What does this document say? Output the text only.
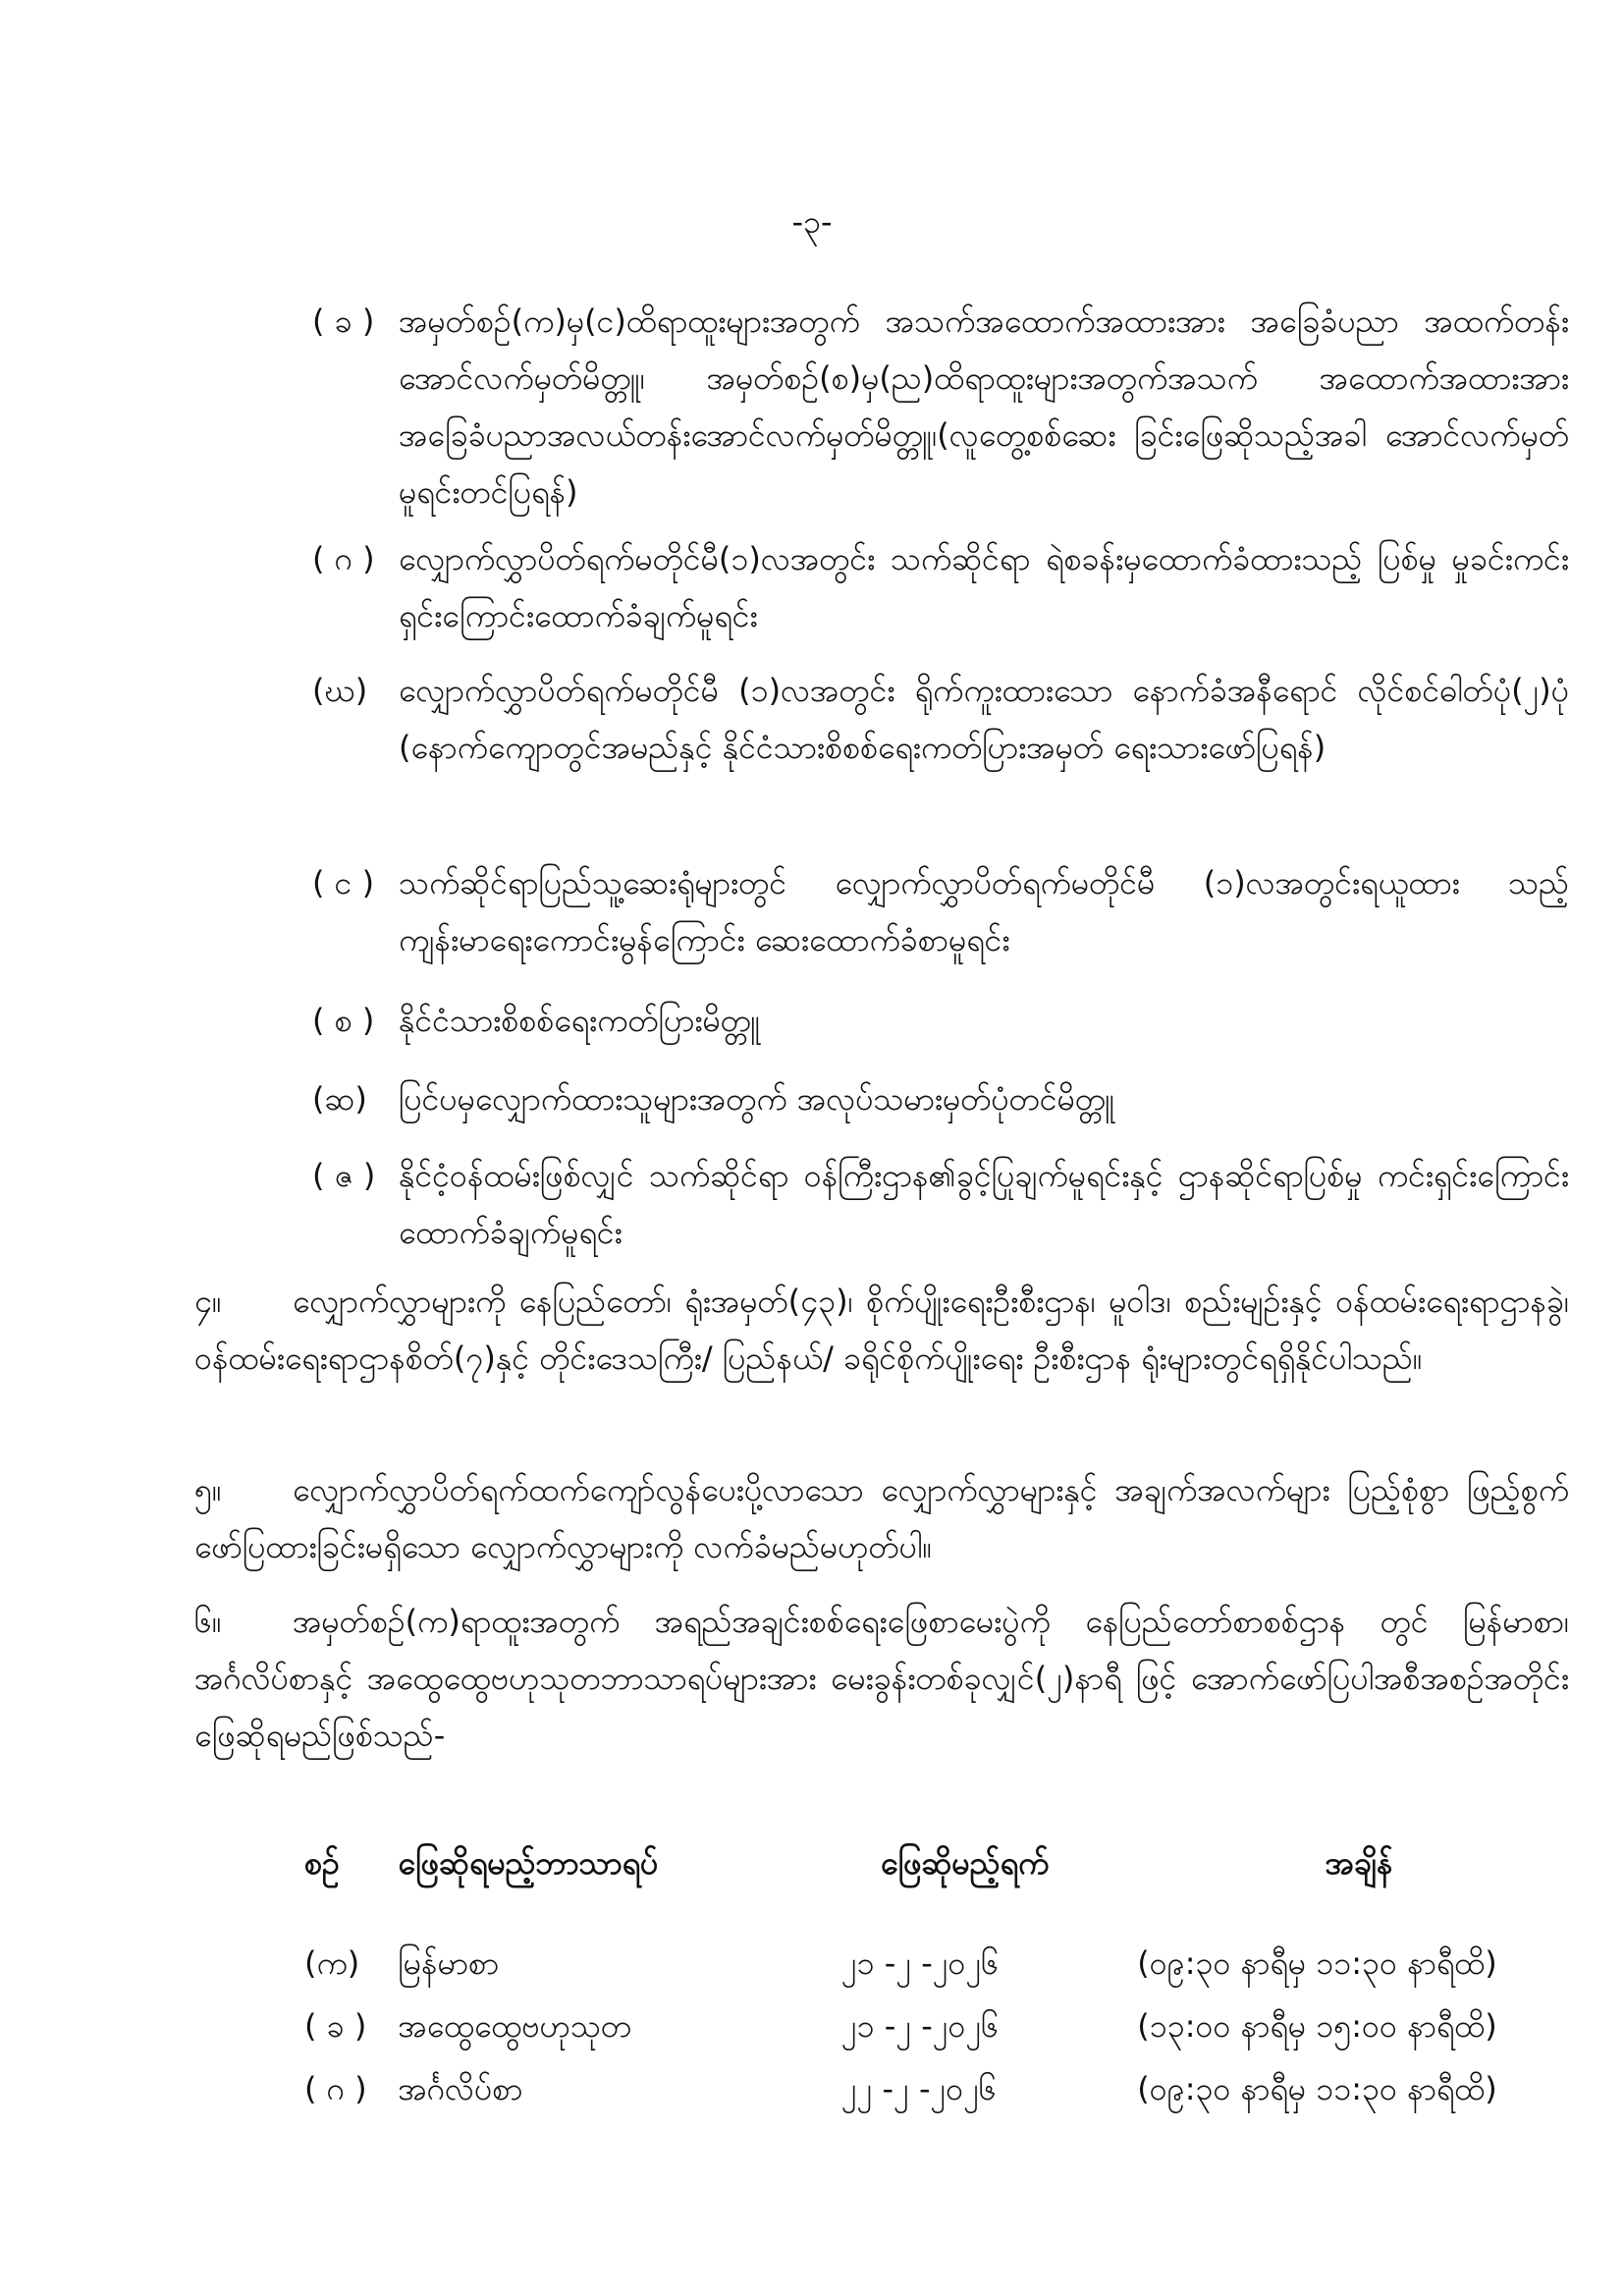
-၃-
( ခ ) အမှတ်စဉ်(က)မှ(င)ထိရာထူးများအတွက် အသက်အထောက်အထားအား အခြေခံပညာ အထက်တန်းအောင်လက်မှတ်မိတ္တူ၊ အမှတ်စဉ်(စ)မှ(ည)ထိရာထူးများအတွက်အသက် အထောက်အထားအား အခြေခံပညာအလယ်တန်းအောင်လက်မှတ်မိတ္တူ၊(လူတွေ့စစ်ဆေး ခြင်းဖြေဆိုသည့်အခါ အောင်လက်မှတ်မူရင်းတင်ပြရန်)
( ဂ ) လျှောက်လွှာပိတ်ရက်မတိုင်မီ(၁)လအတွင်း သက်ဆိုင်ရာ ရဲစခန်းမှထောက်ခံထားသည့် ပြစ်မှု မှုခင်းကင်းရှင်းကြောင်းထောက်ခံချက်မူရင်း
(ဃ) လျှောက်လွှာပိတ်ရက်မတိုင်မီ (၁)လအတွင်း ရိုက်ကူးထားသော နောက်ခံအနီရောင် လိုင်စင်ဓါတ်ပုံ(၂)ပုံ (နောက်ကျောတွင်အမည်နှင့် နိုင်ငံသားစိစစ်ရေးကတ်ပြားအမှတ် ရေးသားဖော်ပြရန်)
( င ) သက်ဆိုင်ရာပြည်သူ့ဆေးရုံများတွင် လျှောက်လွှာပိတ်ရက်မတိုင်မီ (၁)လအတွင်းရယူထား သည့်ကျန်းမာရေးကောင်းမွန်ကြောင်း ဆေးထောက်ခံစာမူရင်း
( စ ) နိုင်ငံသားစိစစ်ရေးကတ်ပြားမိတ္တူ
(ဆ)	ပြင်ပမှလျှောက်ထားသူများအတွက် အလုပ်သမားမှတ်ပုံတင်မိတ္တူ
( ဇ ) နိုင်ငံ့ဝန်ထမ်းဖြစ်လျှင် သက်ဆိုင်ရာ ဝန်ကြီးဌာန၏ခွင့်ပြုချက်မူရင်းနှင့် ဌာနဆိုင်ရာပြစ်မှု ကင်းရှင်းကြောင်း ထောက်ခံချက်မူရင်း
၄။ လျှောက်လွှာများကို နေပြည်တော်၊ ရုံးအမှတ်(၄၃)၊ စိုက်ပျိုးရေးဦးစီးဌာန၊ မူဝါဒ၊ စည်းမျဉ်းနှင့် ဝန်ထမ်းရေးရာဌာနခွဲ၊ ဝန်ထမ်းရေးရာဌာနစိတ်(၇)နှင့် တိုင်းဒေသကြီး/ ပြည်နယ်/ ခရိုင်စိုက်ပျိုးရေး ဦးစီးဌာန ရုံးများတွင်ရရှိနိုင်ပါသည်။
၅။ လျှောက်လွှာပိတ်ရက်ထက်ကျော်လွန်ပေးပို့လာသော လျှောက်လွှာများနှင့် အချက်အလက်များ ပြည့်စုံစွာ ဖြည့်စွက်ဖော်ပြထားခြင်းမရှိသော လျှောက်လွှာများကို လက်ခံမည်မဟုတ်ပါ။
၆။ အမှတ်စဉ်(က)ရာထူးအတွက် အရည်အချင်းစစ်ရေးဖြေစာမေးပွဲကို နေပြည်တော်စာစစ်ဌာန တွင် မြန်မာစာ၊ အင်္ဂလိပ်စာနှင့် အထွေထွေဗဟုသုတဘာသာရပ်များအား မေးခွန်းတစ်ခုလျှင်(၂)နာရီ ဖြင့် အောက်ဖော်ပြပါအစီအစဉ်အတိုင်း ဖြေဆိုရမည်ဖြစ်သည်-
စဉ်	ဖြေဆိုရမည့်ဘာသာရပ်	ဖြေဆိုမည့်ရက်	အချိန်
(က)	မြန်မာစာ	၂၁ -၂ -၂၀၂၆	(၀၉:၃၀ နာရီမှ ၁၁:၃၀ နာရီထိ)
( ခ )	အထွေထွေဗဟုသုတ	၂၁ -၂ -၂၀၂၆	(၁၃:၀၀ နာရီမှ ၁၅:၀၀ နာရီထိ)
( ဂ )	အင်္ဂလိပ်စာ	၂၂ -၂ -၂၀၂၆	(၀၉:၃၀ နာရီမှ ၁၁:၃၀ နာရီထိ)
